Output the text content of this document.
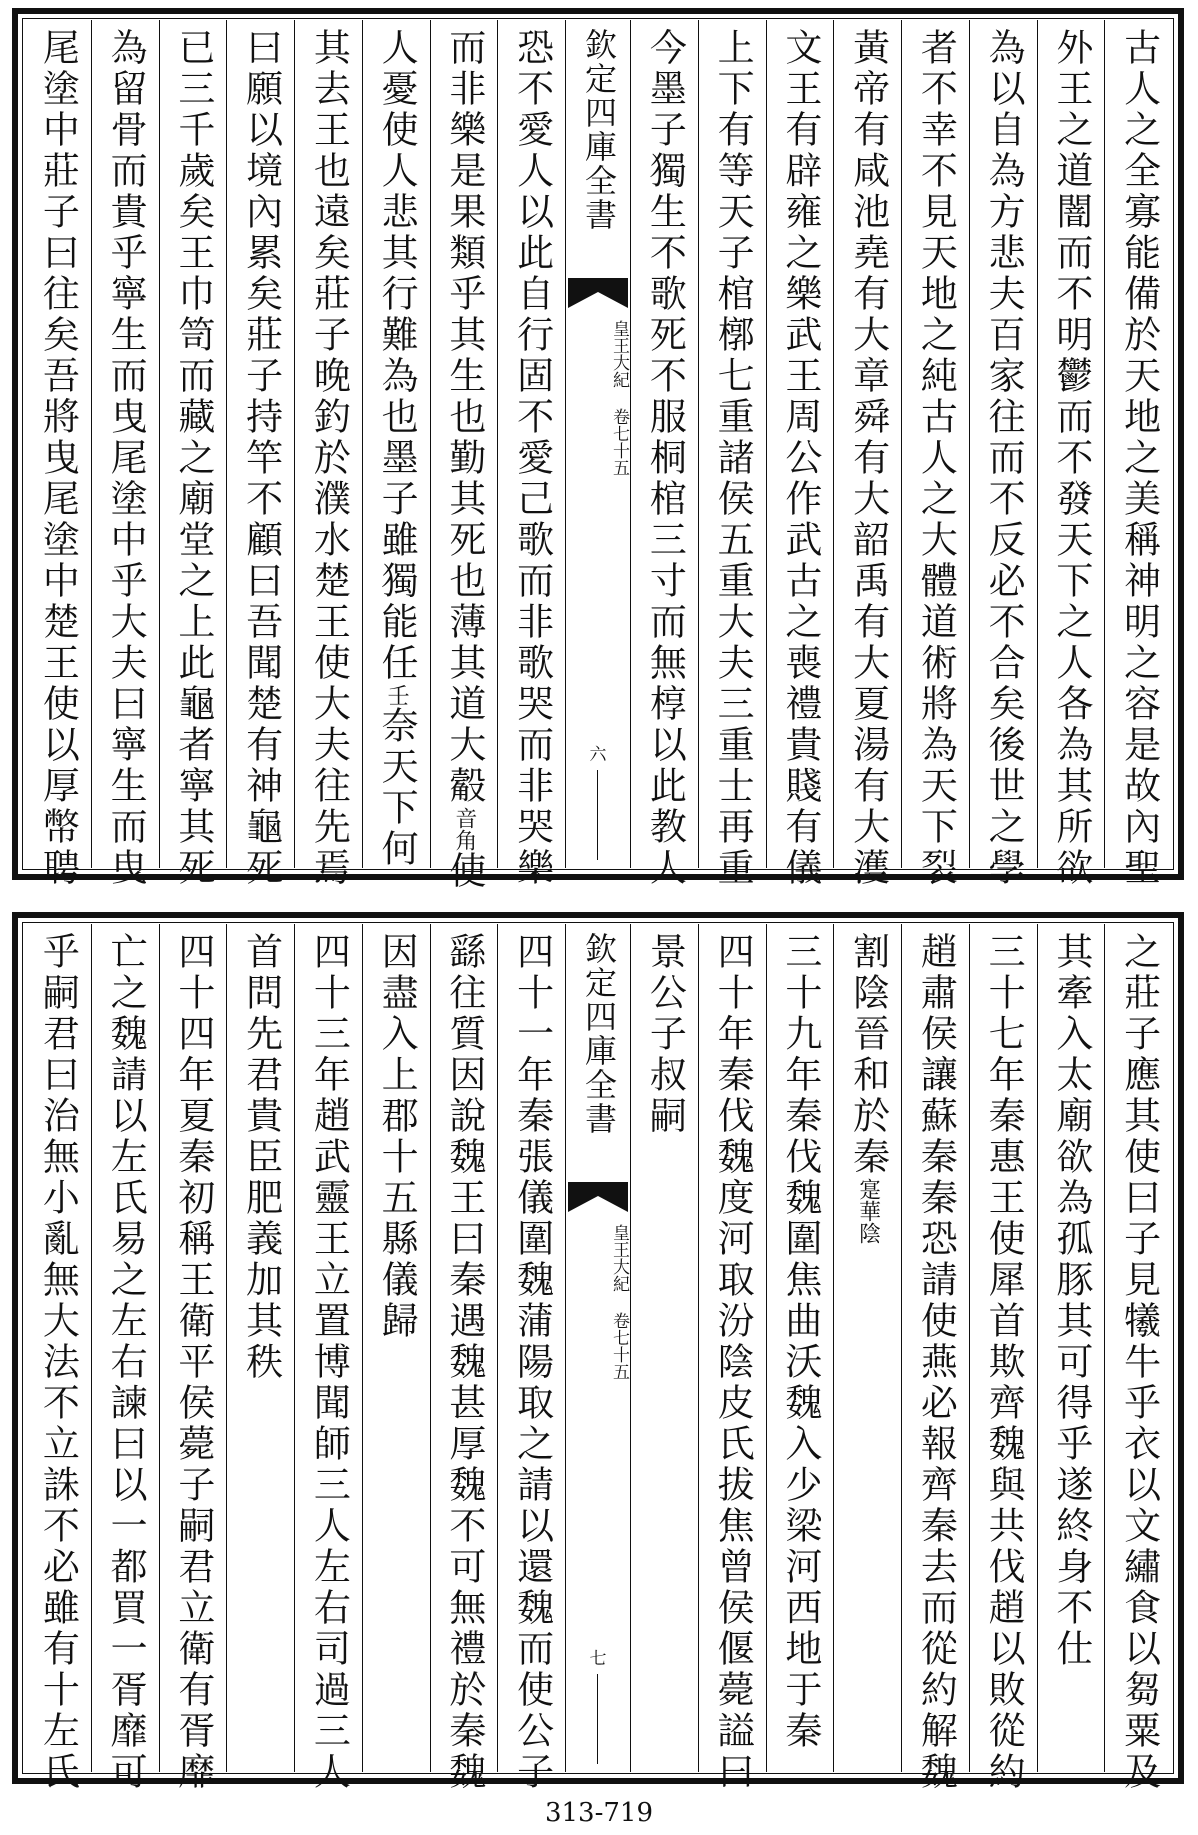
古人之全寡能備於天地之美稱神明之容是故內聖
外王之道闇而不明鬱而不發天下之人各為其所欲
為以自為方悲夫百家往而不反必不合矣後世之學
者不幸不見天地之純古人之大體道術將為天下裂
黃帝有咸池堯有大章舜有大韶禹有大夏湯有大濩
文王有辟雍之樂武王周公作武古之喪禮貴賤有儀
上下有等天子棺槨七重諸侯五重大夫三重士再重
今墨子獨生不歌死不服桐棺三寸而無椁以此教人
欽定四庫全書
皇王大紀 卷七十五
六
恐不愛人以此自行固不愛己歌而非歌哭而非哭樂
而非樂是果類乎其生也勤其死也薄其道大觳音角使
人憂使人悲其行難為也墨子雖獨能任壬奈天下何
其去王也遠矣莊子晚釣於濮水楚王使大夫往先焉
曰願以境內累矣莊子持竿不顧曰吾聞楚有神龜死
已三千歲矣王巾笥而藏之廟堂之上此龜者寧其死
為留骨而貴乎寧生而曳尾塗中乎大夫曰寧生而曳
尾塗中莊子曰往矣吾將曳尾塗中楚王使以厚幣聘
之莊子應其使曰子見犧牛乎衣以文繡食以芻粟及
其牽入太廟欲為孤豚其可得乎遂終身不仕
三十七年秦惠王使犀首欺齊魏與共伐趙以敗從約
趙肅侯讓蘇秦秦恐請使燕必報齊秦去而從約解魏
割陰晉和於秦寔華陰
三十九年秦伐魏圍焦曲沃魏入少梁河西地于秦
四十年秦伐魏度河取汾陰皮氏拔焦曾侯偃薨謚曰
景公子叔嗣
欽定四庫全書
皇王大紀 卷七十五
七
四十一年秦張儀圍魏蒲陽取之請以還魏而使公子
繇往質因說魏王曰秦遇魏甚厚魏不可無禮於秦魏
因盡入上郡十五縣儀歸
四十三年趙武靈王立置博聞師三人左右司過三人
首問先君貴臣肥義加其秩
四十四年夏秦初稱王衛平侯薨子嗣君立衛有胥靡
亡之魏請以左氏易之左右諫曰以一都買一胥靡可
乎嗣君曰治無小亂無大法不立誅不必雖有十左氏
313-719
